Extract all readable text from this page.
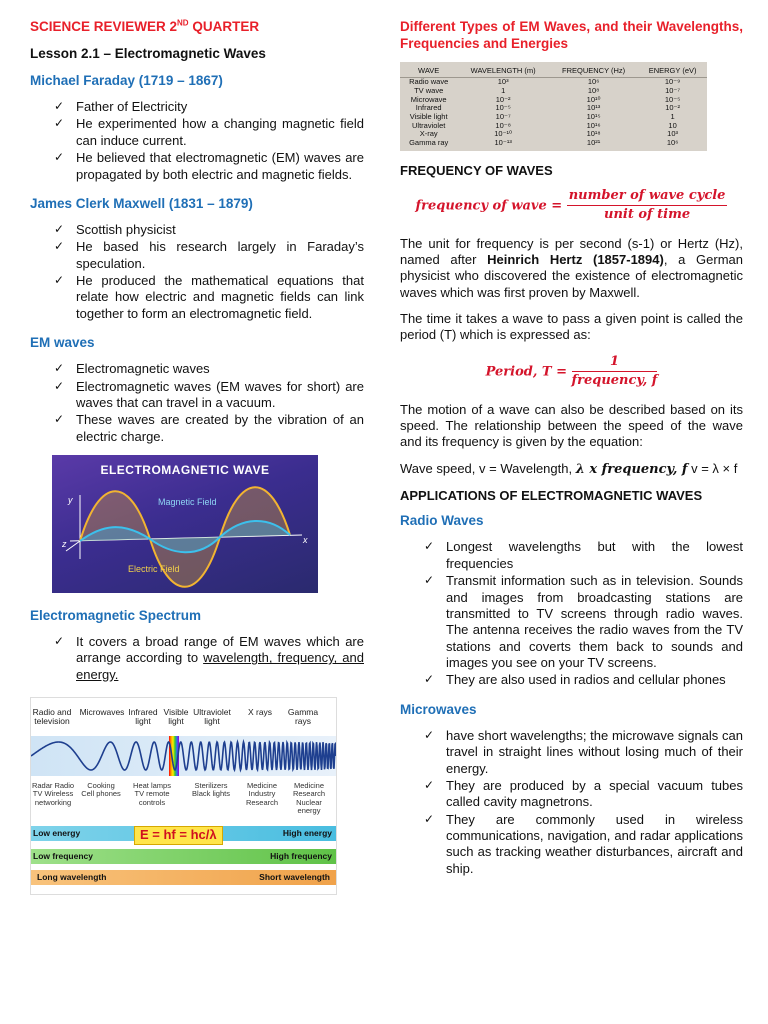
SCIENCE REVIEWER 2ND QUARTER
Lesson 2.1 – Electromagnetic Waves
Michael Faraday (1719 – 1867)
✓ Father of Electricity
✓ He experimented how a changing magnetic field can induce current.
✓ He believed that electromagnetic (EM) waves are propagated by both electric and magnetic fields.
James Clerk Maxwell (1831 – 1879)
✓ Scottish physicist
✓ He based his research largely in Faraday’s speculation.
✓ He produced the mathematical equations that relate how electric and magnetic fields can link together to form an electromagnetic field.
EM waves
✓ Electromagnetic waves
✓ Electromagnetic waves (EM waves for short) are waves that can travel in a vacuum.
✓ These waves are created by the vibration of an electric charge.
ELECTROMAGNETIC WAVE
Magnetic Field
Electric Field
y
z	x
Electromagnetic Spectrum
✓ It covers a broad range of EM waves which are arrange according to wavelength, frequency, and energy.
Radio and television
Microwaves Infrared light
Visible light
Ultraviolet light
X rays	Gamma rays
Radar Radio TV Wireless networking
Cooking Cell phones
Heat lamps TV remote controls
Sterilizers Black lights
Medicine Industry Research
Medicine Research Nuclear energy
Low energy	High energy
E = hf = hc/λ
Low frequency	High frequency
Long wavelength	Short wavelength
Different Types of EM Waves, and their Wavelengths, Frequencies and Energies
WAVE	WAVELENGTH (m)	FREQUENCY (Hz)	ENERGY (eV)
Radio wave	10³	10⁶	10⁻⁹
TV wave	1	10⁸	10⁻⁷
Microwave	10⁻²	10¹⁰	10⁻⁵
Infrared	10⁻⁵	10¹³	10⁻²
Visible light	10⁻⁷	10¹⁵	1
Ultraviolet	10⁻⁸	10¹⁶	10
X-ray	10⁻¹⁰	10¹⁸	10³
Gamma ray	10⁻¹³	10²¹	10⁶
FREQUENCY OF WAVES
frequency of wave = $\frac{\text{number of wave cycle}}{\text{unit of time}}$

The unit for frequency is per second (s-1) or Hertz (Hz), named after Heinrich Hertz (1857-1894), a German physicist who discovered the existence of electromagnetic waves which was first proven by Maxwell.

The time it takes a wave to pass a given point is called the period (T) which is expressed as:

Period, $T = \frac{1}{\text{frequency, f}}$

The motion of a wave can also be described based on its speed. The relationship between the speed of the wave and its frequency is given by the equation:

Wave speed, v = Wavelength, λ x frequency, f v = λ × f

APPLICATIONS OF ELECTROMAGNETIC WAVES
Radio Waves
✓ Longest wavelengths but with the lowest frequencies
✓ Transmit information such as in television. Sounds and images from broadcasting stations are transmitted to TV screens through radio waves. The antenna receives the radio waves from the TV stations and coverts them back to sounds and images you see on your TV screens.
✓ They are also used in radios and cellular phones
Microwaves
✓ have short wavelengths; the microwave signals can travel in straight lines without losing much of their energy.
✓ They are produced by a special vacuum tubes called cavity magnetrons.
✓ They are commonly used in wireless communications, navigation, and radar applications such as tracking weather disturbances, aircraft and ship.
